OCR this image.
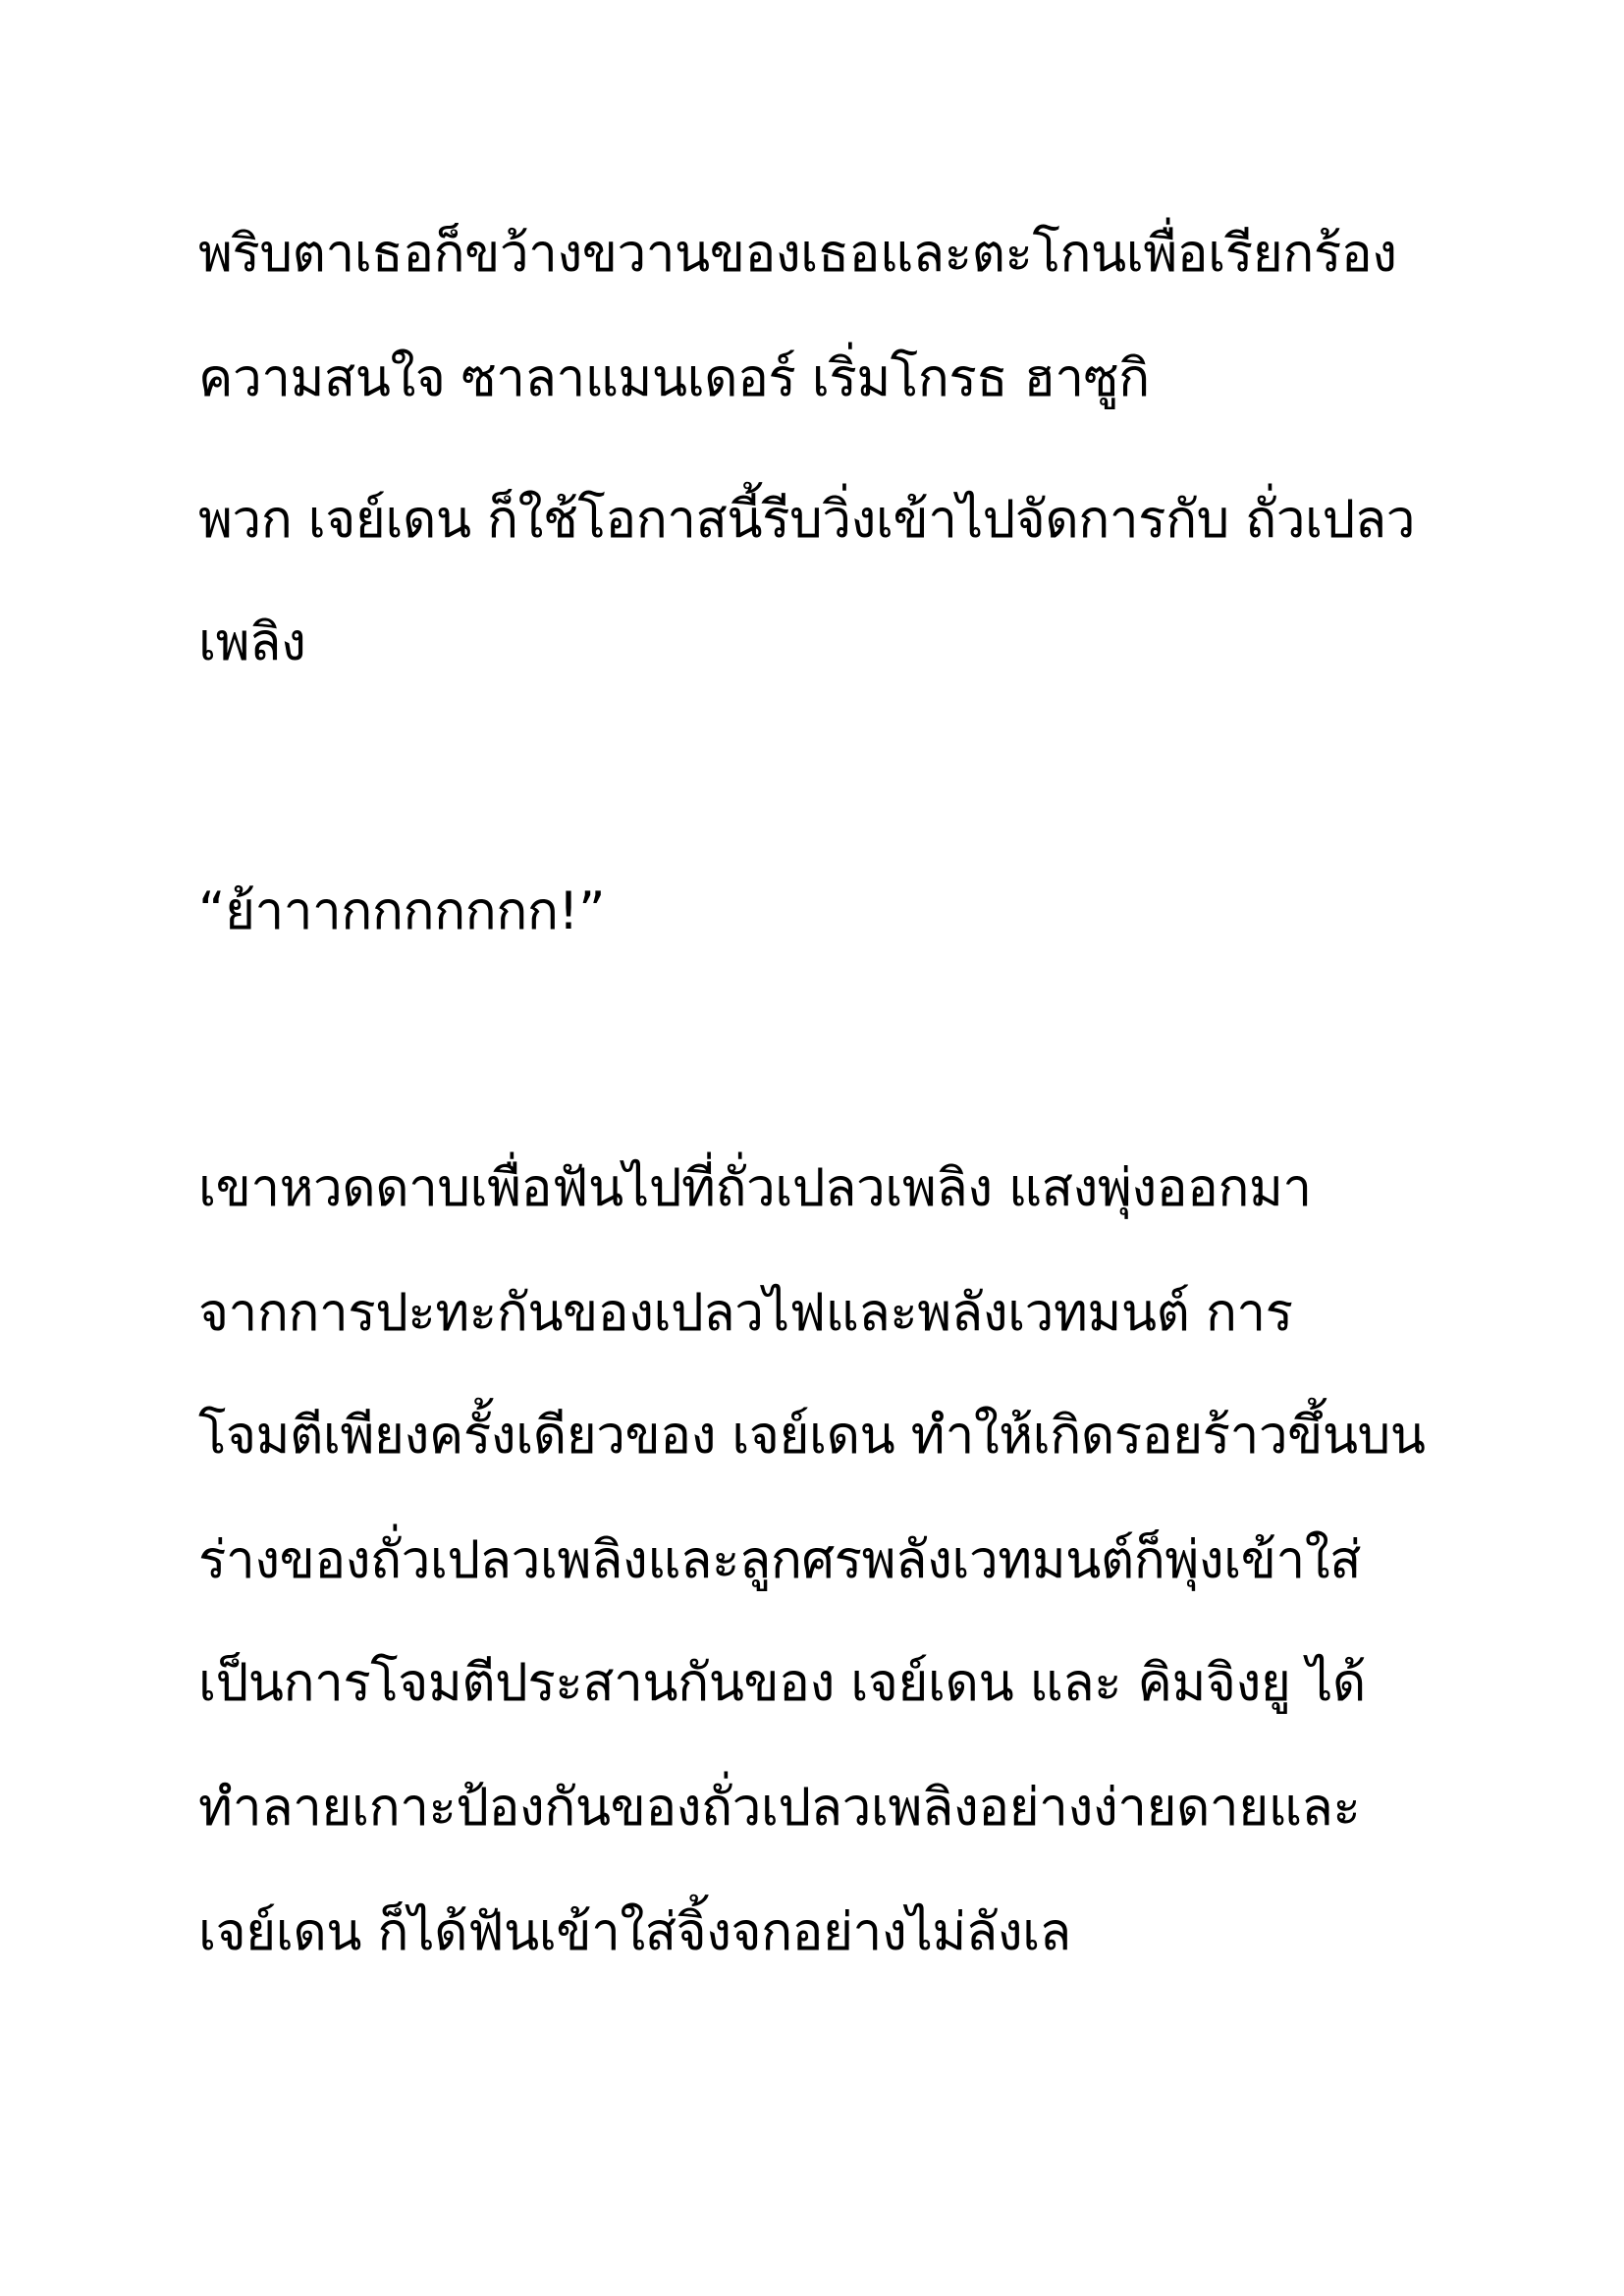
พริบตาเธอก็ขว้างขวานของเธอและตะโกนเพื่อเรียกร้อง
ความสนใจ ซาลาแมนเดอร์ เริ่มโกรธ ฮาซูกิ
พวก เจย์เดน ก็ใช้โอกาสนี้รีบวิ่งเข้าไปจัดการกับ ถั่วเปลว
เพลิง
“ย้าาากกกกกกก!”
เขาหวดดาบเพื่อฟันไปที่ถั่วเปลวเพลิง แสงพุ่งออกมา
จากการปะทะกันของเปลวไฟและพลังเวทมนต์ การ
โจมตีเพียงครั้งเดียวของ เจย์เดน ทำให้เกิดรอยร้าวขึ้นบน
ร่างของถั่วเปลวเพลิงและลูกศรพลังเวทมนต์ก็พุ่งเข้าใส่
เป็นการโจมตีประสานกันของ เจย์เดน และ คิมจิงยู ได้
ทำลายเกาะป้องกันของถั่วเปลวเพลิงอย่างง่ายดายและ
เจย์เดน ก็ได้ฟันเข้าใส่จิ้งจกอย่างไม่ลังเล
